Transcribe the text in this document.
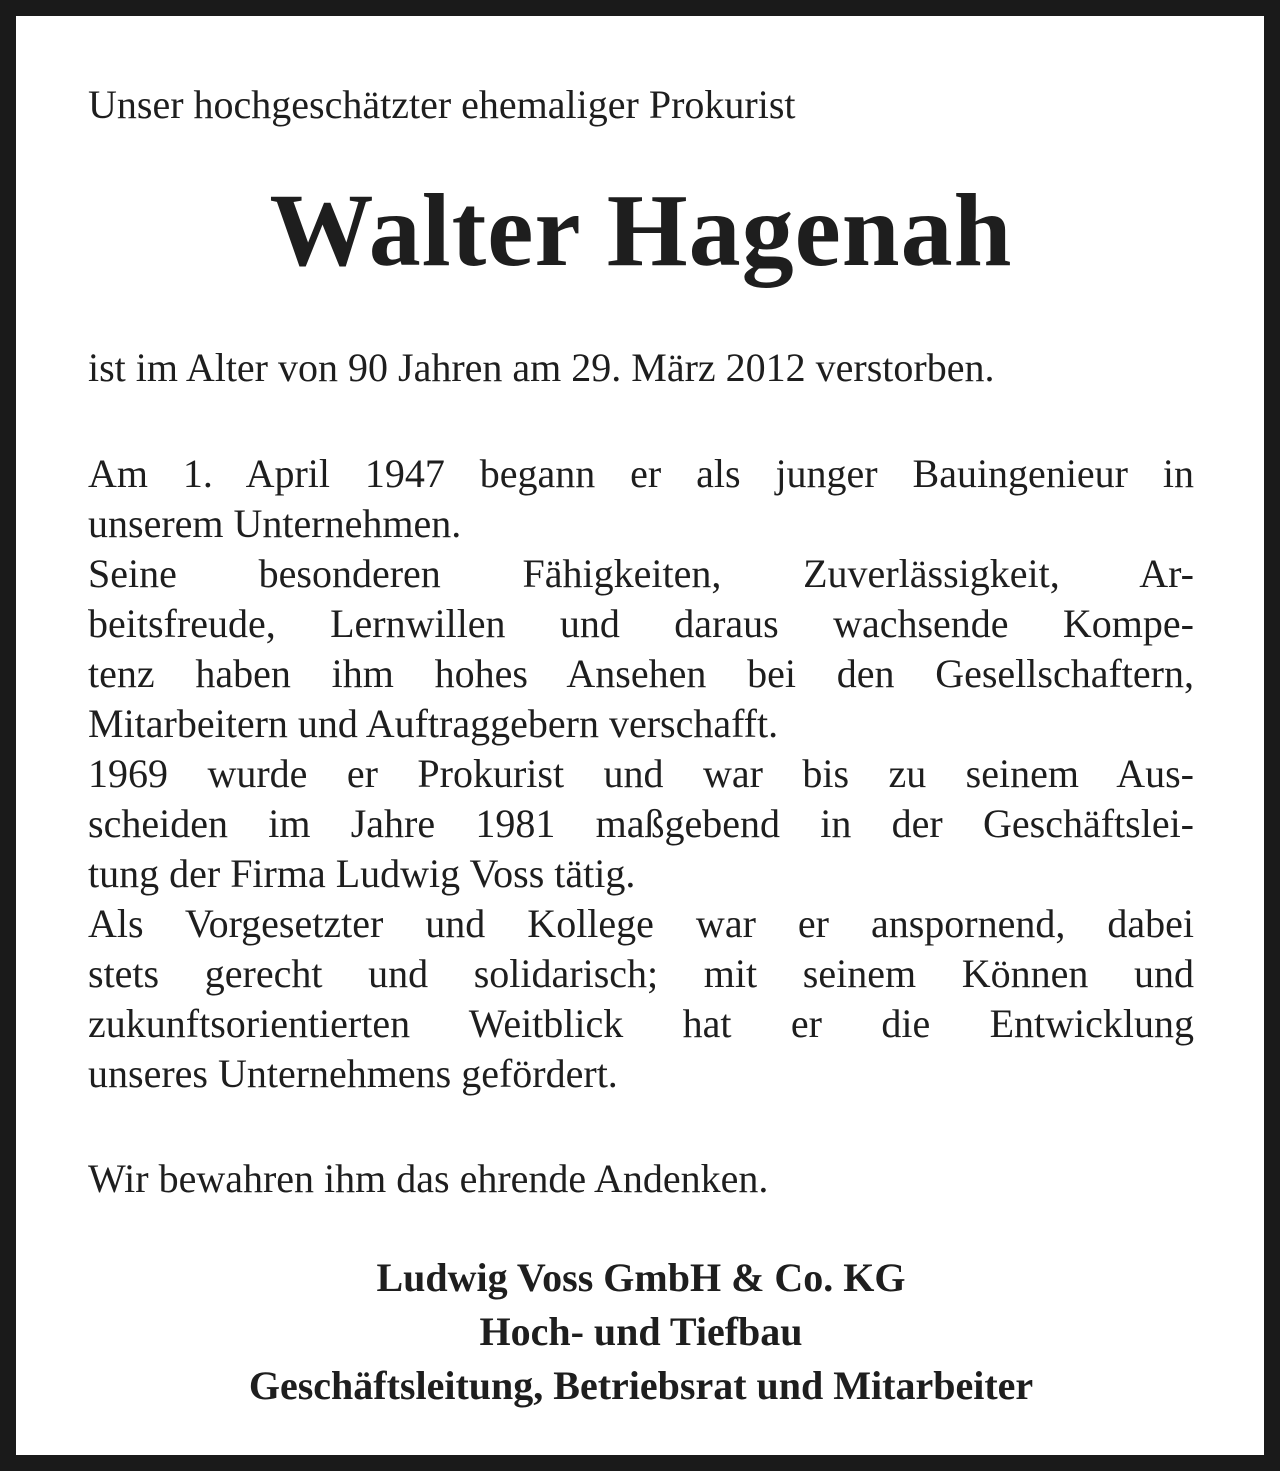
Unser hochgeschätzter ehemaliger Prokurist
Walter Hagenah
ist im Alter von 90 Jahren am 29. März 2012 verstorben.
Am 1. April 1947 begann er als junger Bauingenieur in
unserem Unternehmen.
Seine besonderen Fähigkeiten, Zuverlässigkeit, Ar-
beitsfreude, Lernwillen und daraus wachsende Kompe-
tenz haben ihm hohes Ansehen bei den Gesellschaftern,
Mitarbeitern und Auftraggebern verschafft.
1969 wurde er Prokurist und war bis zu seinem Aus-
scheiden im Jahre 1981 maßgebend in der Geschäftslei-
tung der Firma Ludwig Voss tätig.
Als Vorgesetzter und Kollege war er anspornend, dabei
stets gerecht und solidarisch; mit seinem Können und
zukunftsorientierten Weitblick hat er die Entwicklung
unseres Unternehmens gefördert.
Wir bewahren ihm das ehrende Andenken.
Ludwig Voss GmbH & Co. KG
Hoch- und Tiefbau
Geschäftsleitung, Betriebsrat und Mitarbeiter
